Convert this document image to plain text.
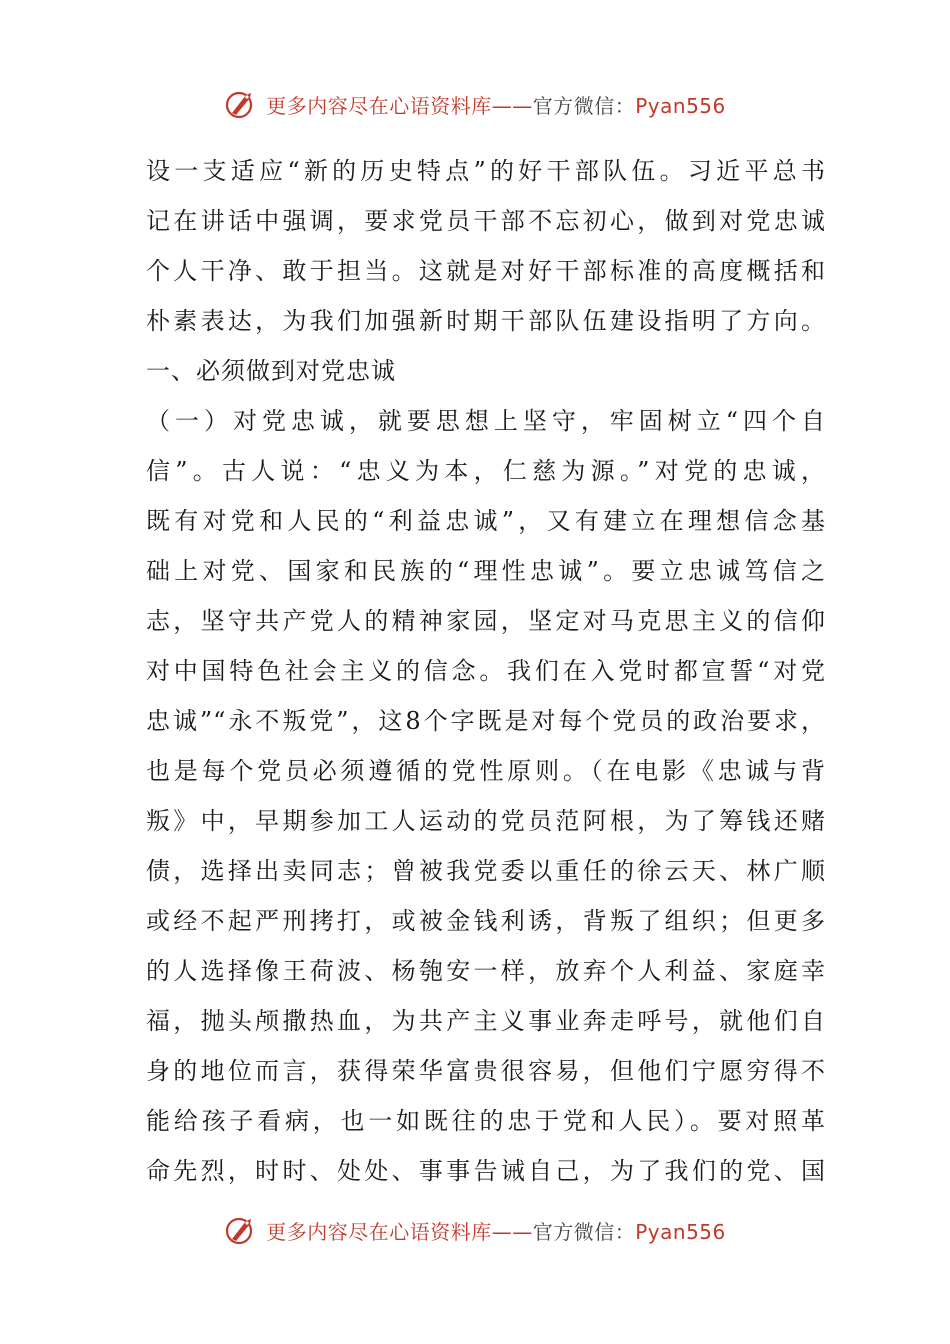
更多内容尽在心语资料库——官方微信：Pyan556
设一支适应“新的历史特点”的好干部队伍。习近平总书
记在讲话中强调，要求党员干部不忘初心，做到对党忠诚
个人干净、敢于担当。这就是对好干部标准的高度概括和
朴素表达，为我们加强新时期干部队伍建设指明了方向。
一、必须做到对党忠诚
（一）对党忠诚，就要思想上坚守，牢固树立“四个自
信”。古人说：“忠义为本，仁慈为源。”对党的忠诚，
既有对党和人民的“利益忠诚”，又有建立在理想信念基
础上对党、国家和民族的“理性忠诚”。要立忠诚笃信之
志，坚守共产党人的精神家园，坚定对马克思主义的信仰
对中国特色社会主义的信念。我们在入党时都宣誓“对党
忠诚”“永不叛党”，这8个字既是对每个党员的政治要求，
也是每个党员必须遵循的党性原则。（在电影《忠诚与背
叛》中，早期参加工人运动的党员范阿根，为了筹钱还赌
债，选择出卖同志；曾被我党委以重任的徐云天、林广顺
或经不起严刑拷打，或被金钱利诱，背叛了组织；但更多
的人选择像王荷波、杨匏安一样，放弃个人利益、家庭幸
福，抛头颅撒热血，为共产主义事业奔走呼号，就他们自
身的地位而言，获得荣华富贵很容易，但他们宁愿穷得不
能给孩子看病，也一如既往的忠于党和人民）。要对照革
命先烈，时时、处处、事事告诫自己，为了我们的党、国
更多内容尽在心语资料库——官方微信：Pyan556
